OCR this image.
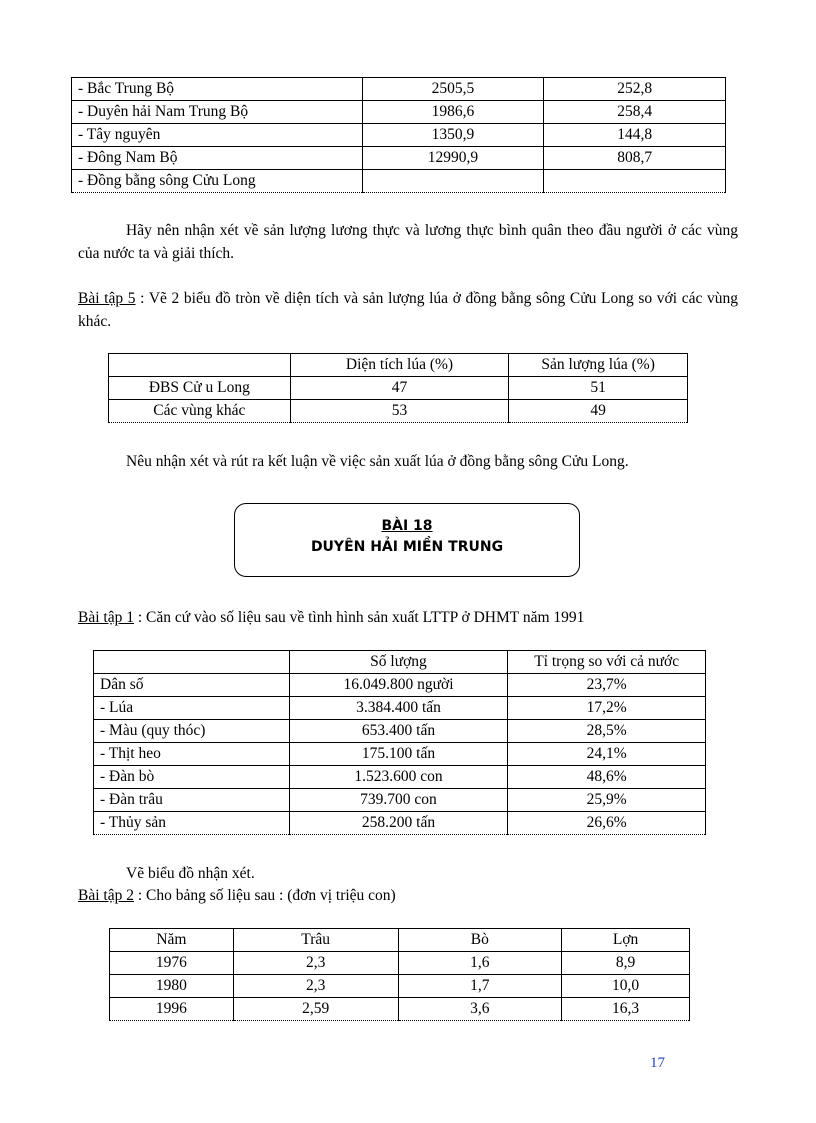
- Bắc Trung Bộ	2505,5	252,8
- Duyên hải Nam Trung Bộ	1986,6	258,4
- Tây nguyên	1350,9	144,8
- Đông Nam Bộ	12990,9	808,7
- Đồng bằng sông Cửu Long		
Hãy nên nhận xét về sản lượng lương thực và lương thực bình quân theo đầu người ở các vùng của nước ta và giải thích.
Bài tập 5 : Vẽ 2 biểu đồ tròn về diện tích và sản lượng lúa ở đồng bằng sông Cửu Long so với các vùng khác.
	Diện tích lúa (%)	Sản lượng lúa (%)
ĐBS Cử u Long	47	51
Các vùng khác	53	49
Nêu nhận xét và rút ra kết luận về việc sản xuất lúa ở đồng bằng sông Cửu Long.
BÀI 18
DUYÊN HẢI MIỀN TRUNG
Bài tập 1 : Căn cứ vào số liệu sau về tình hình sản xuất LTTP ở DHMT năm 1991
	Số lượng	Tỉ trọng so với cả nước
Dân số	16.049.800 người	23,7%
- Lúa	3.384.400 tấn	17,2%
- Màu (quy thóc)	653.400 tấn	28,5%
- Thịt heo	175.100 tấn	24,1%
- Đàn bò	1.523.600 con	48,6%
- Đàn trâu	739.700 con	25,9%
- Thủy sản	258.200 tấn	26,6%
Vẽ biểu đồ nhận xét.
Bài tập 2 : Cho bảng số liệu sau : (đơn vị triệu con)
Năm	Trâu	Bò	Lợn
1976	2,3	1,6	8,9
1980	2,3	1,7	10,0
1996	2,59	3,6	16,3
17
